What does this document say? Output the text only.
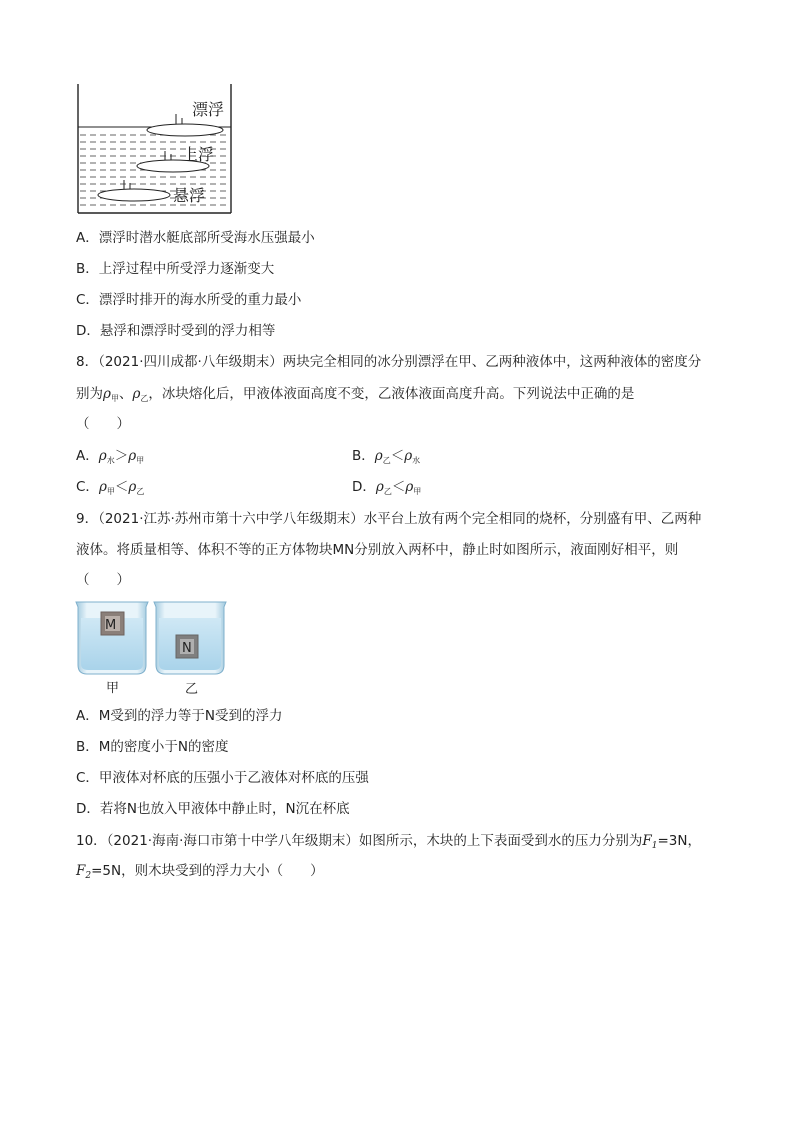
漂浮
上浮
悬浮
A．漂浮时潜水艇底部所受海水压强最小
B．上浮过程中所受浮力逐渐变大
C．漂浮时排开的海水所受的重力最小
D．悬浮和漂浮时受到的浮力相等
8．（2021·四川成都·八年级期末）两块完全相同的冰分别漂浮在甲、乙两种液体中，这两种液体的密度分
别为$\rho_甲$、$\rho_乙$，冰块熔化后，甲液体液面高度不变，乙液体液面高度升高。下列说法中正确的是
（　　）
A．$\rho_水>\rho_甲$	B．$\rho_乙<\rho_水$
C．$\rho_甲<\rho_乙$	D．$\rho_乙<\rho_甲$
9．（2021·江苏·苏州市第十六中学八年级期末）水平台上放有两个完全相同的烧杯，分别盛有甲、乙两种
液体。将质量相等、体积不等的正方体物块MN分别放入两杯中，静止时如图所示，液面刚好相平，则
（　　）
M
N
甲	乙
A．M受到的浮力等于N受到的浮力
B．M的密度小于N的密度
C．甲液体对杯底的压强小于乙液体对杯底的压强
D．若将N也放入甲液体中静止时，N沉在杯底
10．（2021·海南·海口市第十中学八年级期末）如图所示，木块的上下表面受到水的压力分别为$F_1=3N$，
$F_2=5N$，则木块受到的浮力大小（　　）
